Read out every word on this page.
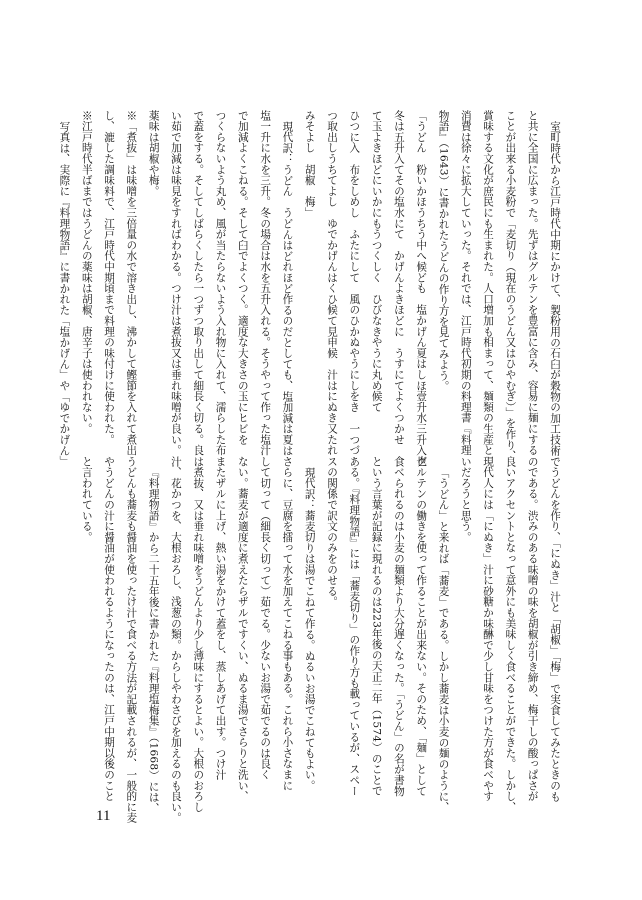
室町時代から江戸時代中期にかけて、製粉用の石臼が穀物の加工技術
と共に全国に広まった。先ずはグルテンを豊富に含み、容易に麺にする
ことが出来る小麦粉で「麦切り（現在のうどん又はひやむぎ）」を作り、
賞味する文化が庶民にも生まれた。人口増加も相まって、麺類の生産と
消費は徐々に拡大していった。それでは、江戸時代初期の料理書『料理
物語』（1643）に書かれたうどんの作り方を見てみよう。
「うどん　粉いかほうちう中へ候ども　塩かげん夏はしほ壹升水三升入也
冬は五升入てその塩水にて　かげんよきほどに　うすにてよくつかせ
て玉よきほどにいかにもうつくしく　ひびなきやうに丸め候て
ひつに入　布をしめし　ふたにして　風のひかぬやうにしをき　一つづ
つ取出しうちてよし　ゆでかげんはくひ候て見申候　汁はにぬき又たれ
みそよし　胡椒　梅」
現代訳：うどん　うどんはどれほど作るのだとしても、塩加減は夏は
塩一升に水を三升。冬の場合は水を五升入れる。そうやって作った塩汁
で加減よくこねる。そして臼でよくつく。適度な大きさの玉にヒビを
つくらないよう丸め、風が当たらないよう入れ物に入れて、濡らした布
で蓋をする。そしてしばらくしたら一つずつ取り出して細長く切る。良
い茹で加減は味見をすればわかる。つけ汁は煮抜又は垂れ味噌が良い。
薬味は胡椒や梅。
※「煮抜」は味噌を三倍量の水で溶き出し、沸かして鰹節を入れて煮出
し、漉した調味料で、江戸時代中期頃まで料理の味付けに使われた。
※江戸時代半ばまではうどんの薬味は胡椒、唐辛子は使われない。
写真は、実際に『料理物語』に書かれた「塩かげん」や「ゆでかげん」
でうどんを作り、「にぬき」汁と「胡椒」「梅」で実食してみたときのも
のである。渋みのある味噌の味を胡椒が引き締め、梅干しの酸っぱさが
良いアクセントとなって意外にも美味しく食べることができた。しかし、
現代人には「にぬき」汁に砂糖か味醂で少し甘味をつけた方が食べやす
いだろうと思う。
「うどん」と来れば「蕎麦」である。しかし蕎麦は小麦の麺のように、
グルテンの働きを使って作ることが出来ない。そのため、「麺」として
食べられるのは小麦の麺類より大分遅くなった。「うどん」の名が書物
という言葉が記録に現れるのは223年後の天正二年（1574）のことで
ある。『料理物語』には「蕎麦切り」の作り方も載っているが、スペー
スの関係で訳文のみをのせる。
現代訳：蕎麦切りは湯でこねて作る。ぬるいお湯でこねてもよい。
さらに、豆腐を擂って水を加えてこねる事もある。これら小さなまに
して切って（細長く切って）茹でる。少ないお湯で茹でるのは良く
ない。蕎麦が適度に煮えたらザルですくい、ぬるま湯でさらりと洗い、
またザルに上げ、熱い湯をかけて蓋をし、蒸しあげて出す。つけ汁
は煮抜、又は垂れ味噌をうどんより少し薄味にするとよい。大根のおろし
汁、花かつを、大根おろし、浅葱の類。からしやわさびを加えるのも良い。
『料理物語』から二十五年後に書かれた『料理塩梅集』（1668）には、
うどんも蕎麦も醤油を使ったけ汁で食べる方法が記載されるが、一般的に麦
やうどんの汁に醤油が使われるようになったのは、江戸中期以後のこと
と言われている。
11
